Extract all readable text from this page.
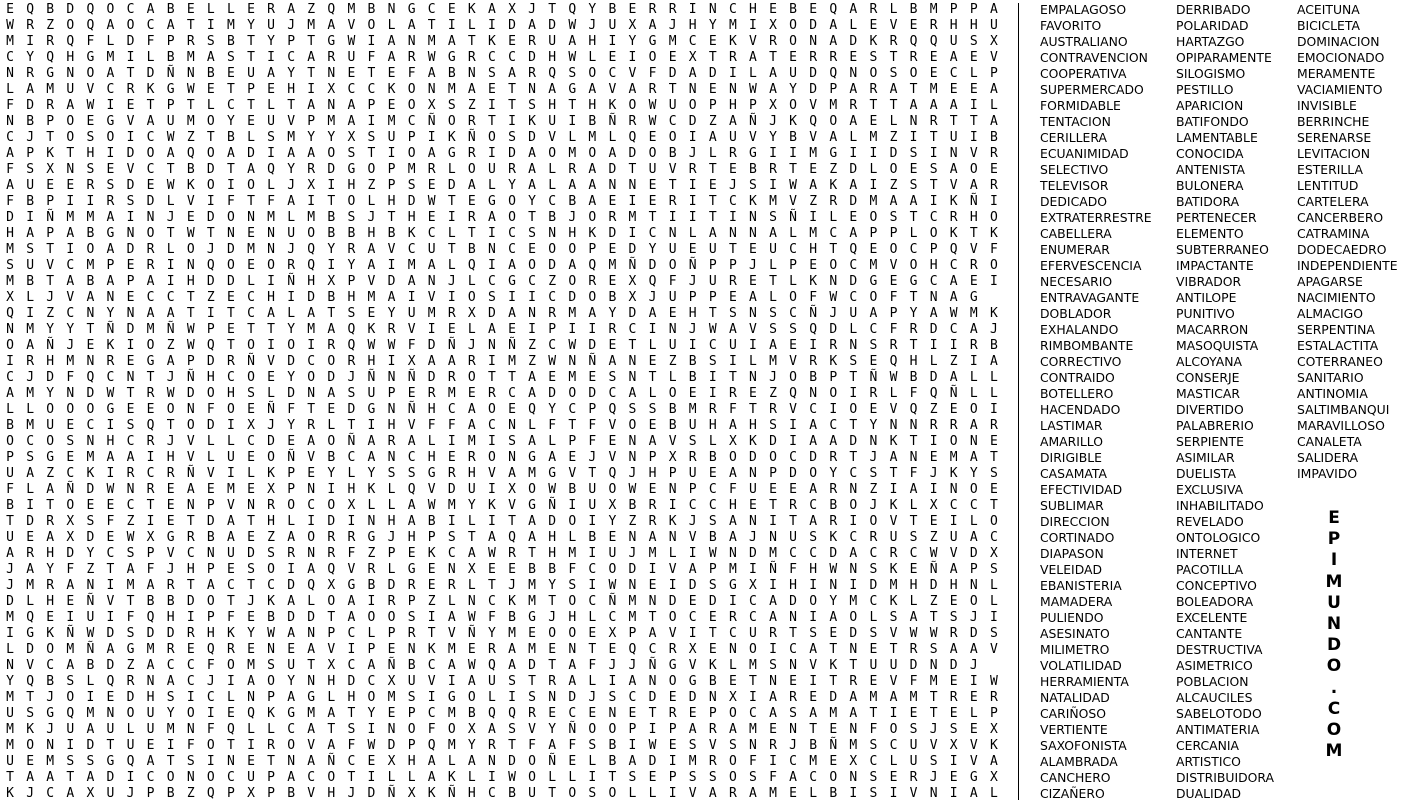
E Q B D Q O C A B E L L E R A Z Q M B N G C E K A X J T Q Y B E R R I N C H E B E Q A R L B M P P A
W R Z O Q A O C A T I M Y U J M A V O L A T I L I D A D W J U X A J H Y M I X O D A L E V E R H H U
M I R Q F L D F P R S B T Y P T G W I A N M A T K E R U A H I Y G M C E K V R O N A D K R Q Q U S X
C Y Q H G M I L B M A S T I C A R U F A R W G R C C D H W L E I O E X T R A T E R R E S T R E A E V
N R G N O A T D Ñ N B E U A Y T N E T E F A B N S A R Q S O C V F D A D I L A U D Q N O S O E C L P
L A M U V C R K G W E T P E H I X C C K O N M A E T N A G A V A R T N E N W A Y D P A R A T M E E A
F D R A W I E T P T L C T L T A N A P E O X S Z I T S H T H K O W U O P H P X O V M R T T A A A I L
N B P O E G V A U M O Y E U V P M A I M C Ñ O R T I K U I B Ñ R W C D Z A Ñ J K Q O A E L N R T T A
C J T O S O I C W Z T B L S M Y Y X S U P I K Ñ O S D V L M L Q E O I A U V Y B V A L M Z I T U I B
A P K T H I D O A Q O A D I A A O S T I O A G R I D A O M O A D O B J L R G I I M G I I D S I N V R
F S X N S E V C T B D T A Q Y R D G O P M R L O U R A L R A D T U V R T E B R T E Z D L O E S A O E
A U E E R S D E W K O I O L J X I H Z P S E D A L Y A L A A N N E T I E J S I W A K A I Z S T V A R
F B P I I R S D L V I F T F A I T O L H D W T E G O Y C B A E I E R I T C K M V Z R D M A A I K Ñ I
D I Ñ M M A I N J E D O N M L M B S J T H E I R A O T B J O R M T I I T I N S Ñ I L E O S T C R H O
H A P A B G N O T W T N E N U O B B H B K C L T I C S N H K D I C N L A N N A L M C A P P L O K T K
M S T I O A D R L O J D M N J Q Y R A V C U T B N C E O O P E D Y U E U T E U C H T Q E O C P Q V F
S U V C M P E R I N Q O E O R Q I Y A I M A L Q I A O D A Q M Ñ D O Ñ P P J L P E O C M V O H C R O
M B T A B A P A I H D D L I Ñ H X P V D A N J L C G C Z O R E X Q F J U R E T L K N D G E G C A E I
X L J V A N E C C T Z E C H I D B H M A I V I O S I I C D O B X J U P P E A L O F W C O F T N A G
Q I Z C N Y N A A T I T C A L A T S E Y U M R X D A N R M A Y D A E H T S N S C Ñ J U A P Y A W M K
N M Y Y T Ñ D M Ñ W P E T T Y M A Q K R V I E L A E I P I I R C I N J W A V S S Q D L C F R D C A J
O A Ñ J E K I O Z W Q T O I O I R Q W W F D Ñ J N Ñ Z C W D E T L U I C U I A E I R N S R T I I R B
I R H M N R E G A P D R Ñ V D C O R H I X A A R I M Z W N Ñ A N E Z B S I L M V R K S E Q H L Z I A
C J D F Q C N T J Ñ H C O E Y O D J Ñ N Ñ D R O T T A E M E S N T L B I T N J O B P T Ñ W B D A L L
A M Y N D W T R W D O H S L D N A S U P E R M E R C A D O D C A L O E I R E Z Q N O I R L F Q Ñ L L
L L O O O G E E O N F O E Ñ F T E D G N Ñ H C A O E Q Y C P Q S S B M R F T R V C I O E V Q Z E O I
B M U E C I S Q T O D I X J Y R L T I H V F F A C N L F T F V O E B U H A H S I A C T Y N N R R A R
O C O S N H C R J V L L C D E A O Ñ A R A L I M I S A L P F E N A V S L X K D I A A D N K T I O N E
P S G E M A A I H V L U E O Ñ V B C A N C H E R O N G A E J V N P X R B O D O C D R T J A N E M A T
U A Z C K I R C R Ñ V I L K P E Y L Y S S G R H V A M G V T Q J H P U E A N P D O Y C S T F J K Y S
F L A Ñ D W N R E A E M E X P N I H K L Q V D U I X O W B U O W E N P C F U E E A R N Z I A I N O E
B I T O E E C T E N P V N R O C O X L L A W M Y K V G Ñ I U X B R I C C H E T R C B O J K L X C C T
T D R X S F Z I E T D A T H L I D I N H A B I L I T A D O I Y Z R K J S A N I T A R I O V T E I L O
U E A X D E W X G R B A E Z A O R R G J H P S T A Q A H L B E N A N V B A J N U S K C R U S Z U A C
A R H D Y C S P V C N U D S R N R F Z P E K C A W R T H M I U J M L I W N D M C C D A C R C W V D X
J A Y F Z T A F J H P E S O I A Q V R L G E N X E E B B F C O D I V A P M I Ñ F H W N S K E Ñ A P S
J M R A N I M A R T A C T C D Q X G B D R E R L T J M Y S I W N E I D S G X I H I N I D M H D H N L
D L H E Ñ V T B B D O T J K A L O A I R P Z L N C K M T O C Ñ M N D E D I C A D O Y M C K L Z E O L
M Q E I U I F Q H I P F E B D D T A O O S I A W F B G J H L C M T O C E R C A N I A O L S A T S J I
I G K Ñ W D S D D R H K Y W A N P C L P R T V Ñ Y M E O O E X P A V I T C U R T S E D S V W W R D S
L D O M Ñ A G M R E Q R E N E A V I P E N K M E R A M E N T E Q C R X E N O I C A T N E T R S A A V
N V C A B D Z A C C F O M S U T X C A Ñ B C A W Q A D T A F J J Ñ G V K L M S N V K T U U D N D J
Y Q B S L Q R N A C J I A O Y N H D C X U V I A U S T R A L I A N O G B E T N E I T R E V F M E I W
M T J O I E D H S I C L N P A G L H O M S I G O L I S N D J S C D E D N X I A R E D A M A M T R E R
U S G Q M N O U Y O I E Q K G M A T Y E P C M B Q Q R E C E N E T R E P O C A S A M A T I E T E L P
M K J U A U L U M N F Q L L C A T S I N O F O X A S V Y Ñ O O P I P A R A M E N T E N F O S J S E X
M O N I D T U E I F O T I R O V A F W D P Q M Y R T F A F S B I W E S V S N R J B Ñ M S C U V X V K
U E M S S G Q A T S I N E T N A Ñ C E X H A L A N D O Ñ E L B A D I M R O F I C M E X C L U S I V A
T A A T A D I C O N O C U P A C O T I L L A K L I W O L L I T S E P S S O S F A C O N S E R J E G X
K J C A X U J P B Z Q P X P B V H J D Ñ X K Ñ H C B U T O S O L L I V A R A M E L B I S I V N I A L
EMPALAGOSO
FAVORITO
AUSTRALIANO
CONTRAVENCION
COOPERATIVA
SUPERMERCADO
FORMIDABLE
TENTACION
CERILLERA
ECUANIMIDAD
SELECTIVO
TELEVISOR
DEDICADO
EXTRATERRESTRE
CABELLERA
ENUMERAR
EFERVESCENCIA
NECESARIO
ENTRAVAGANTE
DOBLADOR
EXHALANDO
RIMBOMBANTE
CORRECTIVO
CONTRAIDO
BOTELLERO
HACENDADO
LASTIMAR
AMARILLO
DIRIGIBLE
CASAMATA
EFECTIVIDAD
SUBLIMAR
DIRECCION
CORTINADO
DIAPASON
VELEIDAD
EBANISTERIA
MAMADERA
PULIENDO
ASESINATO
MILIMETRO
VOLATILIDAD
HERRAMIENTA
NATALIDAD
CARIÑOSO
VERTIENTE
SAXOFONISTA
ALAMBRADA
CANCHERO
CIZAÑERO
DERRIBADO
POLARIDAD
HARTAZGO
OPIPARAMENTE
SILOGISMO
PESTILLO
APARICION
BATIFONDO
LAMENTABLE
CONOCIDA
ANTENISTA
BULONERA
BATIDORA
PERTENECER
ELEMENTO
SUBTERRANEO
IMPACTANTE
VIBRADOR
ANTILOPE
PUNITIVO
MACARRON
MASOQUISTA
ALCOYANA
CONSERJE
MASTICAR
DIVERTIDO
PALABRERIO
SERPIENTE
ASIMILAR
DUELISTA
EXCLUSIVA
INHABILITADO
REVELADO
ONTOLOGICO
INTERNET
PACOTILLA
CONCEPTIVO
BOLEADORA
EXCELENTE
CANTANTE
DESTRUCTIVA
ASIMETRICO
POBLACION
ALCAUCILES
SABELOTODO
ANTIMATERIA
CERCANIA
ARTISTICO
DISTRIBUIDORA
DUALIDAD
ACEITUNA
BICICLETA
DOMINACION
EMOCIONADO
MERAMENTE
VACIAMIENTO
INVISIBLE
BERRINCHE
SERENARSE
LEVITACION
ESTERILLA
LENTITUD
CARTELERA
CANCERBERO
CATRAMINA
DODECAEDRO
INDEPENDIENTE
APAGARSE
NACIMIENTO
ALMACIGO
SERPENTINA
ESTALACTITA
COTERRANEO
SANITARIO
ANTINOMIA
SALTIMBANQUI
MARAVILLOSO
CANALETA
SALIDERA
IMPAVIDO
E
P
I
M
U
N
D
O
.
C
O
M
